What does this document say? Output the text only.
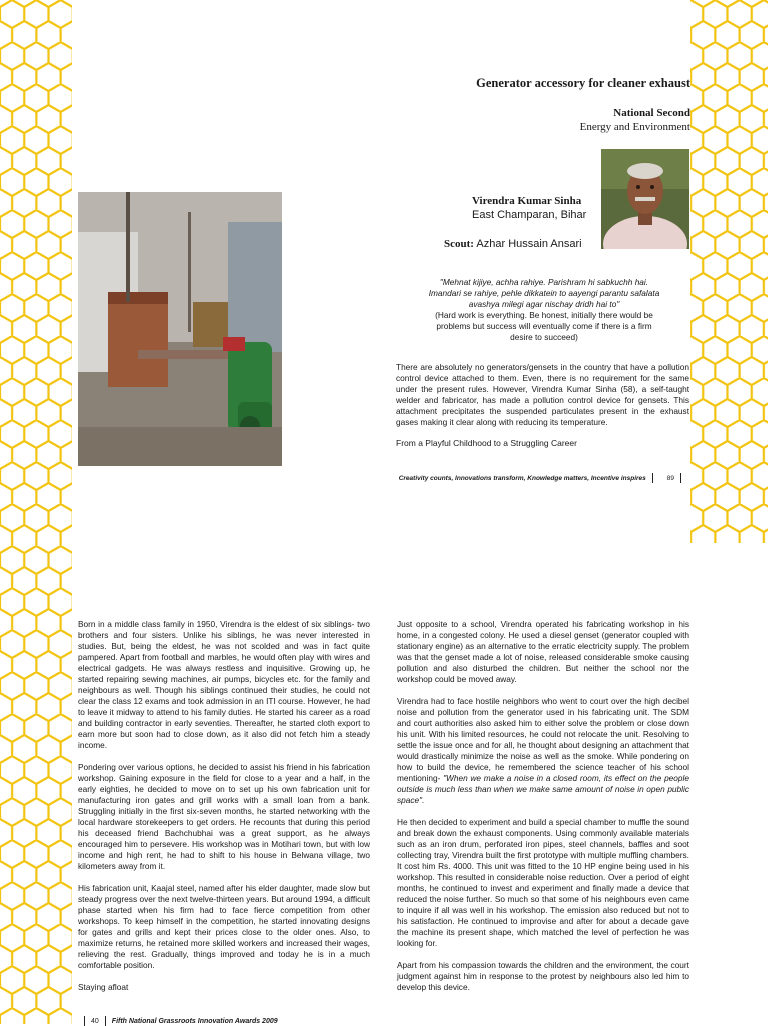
Generator accessory for cleaner exhaust
National Second
Energy and Environment
Virendra Kumar Sinha
East Champaran, Bihar
Scout: Azhar Hussain Ansari
"Mehnat kijiye, achha rahiye. Parishram hi sabkuchh hai. Imandari se rahiye, pehle dikkatein to aayengi parantu safalata avashya milegi agar nischay dridh hai to"
(Hard work is everything. Be honest, initially there would be problems but success will eventually come if there is a firm desire to succeed)
There are absolutely no generators/gensets in the country that have a pollution control device attached to them. Even, there is no requirement for the same under the present rules. However, Virendra Kumar Sinha (58), a self-taught welder and fabricator, has made a pollution control device for gensets. This attachment precipitates the suspended particulates present in the exhaust gases making it clear along with reducing its temperature.
From a Playful Childhood to a Struggling Career
Creativity counts, Innovations transform, Knowledge matters, Incentive inspires	89

Born in a middle class family in 1950, Virendra is the eldest of six siblings- two brothers and four sisters. Unlike his siblings, he was never interested in studies. But, being the eldest, he was not scolded and was in fact quite pampered. Apart from football and marbles, he would often play with wires and electrical gadgets. He was always restless and inquisitive. Growing up, he started repairing sewing machines, air pumps, bicycles etc. for the family and neighbours as well. Though his siblings continued their studies, he could not clear the class 12 exams and took admission in an ITI course. However, he had to leave it midway to attend to his family duties. He started his career as a road and building contractor in early seventies. Thereafter, he started cloth export to earn more but soon had to close down, as it also did not fetch him a steady income.

Pondering over various options, he decided to assist his friend in his fabrication workshop. Gaining exposure in the field for close to a year and a half, in the early eighties, he decided to move on to set up his own fabrication unit for manufacturing iron gates and grill works with a small loan from a bank. Struggling initially in the first six-seven months, he started networking with the local hardware storekeepers to get orders. He recounts that during this period his deceased friend Bachchubhai was a great support, as he always encouraged him to persevere. His workshop was in Motihari town, but with low income and high rent, he had to shift to his house in Belwana village, two kilometers away from it.

His fabrication unit, Kaajal steel, named after his elder daughter, made slow but steady progress over the next twelve-thirteen years. But around 1994, a difficult phase started when his firm had to face fierce competition from other workshops. To keep himself in the competition, he started innovating designs for gates and grills and kept their prices close to the older ones. Also, to maximize returns, he retained more skilled workers and increased their wages, relieving the rest. Gradually, things improved and today he is in a much comfortable position.

Staying afloat

Just opposite to a school, Virendra operated his fabricating workshop in his home, in a congested colony. He used a diesel genset (generator coupled with stationary engine) as an alternative to the erratic electricity supply. The problem was that the genset made a lot of noise, released considerable smoke causing pollution and also disturbed the children. But neither the school nor the workshop could be moved away.

Virendra had to face hostile neighbors who went to court over the high decibel noise and pollution from the generator used in his fabricating unit. The SDM and court authorities also asked him to either solve the problem or close down his unit. With his limited resources, he could not relocate the unit. Resolving to settle the issue once and for all, he thought about designing an attachment that would drastically minimize the noise as well as the smoke. While pondering on how to build the device, he remembered the science teacher of his school mentioning- "When we make a noise in a closed room, its effect on the people outside is much less than when we make same amount of noise in open public space".

He then decided to experiment and build a special chamber to muffle the sound and break down the exhaust components. Using commonly available materials such as an iron drum, perforated iron pipes, steel channels, baffles and soot collecting tray, Virendra built the first prototype with multiple muffling chambers. It cost him Rs. 4000. This unit was fitted to the 10 HP engine being used in his workshop. This resulted in considerable noise reduction. Over a period of eight months, he continued to invest and experiment and finally made a device that reduced the noise further. So much so that some of his neighbours even came to inquire if all was well in his workshop. The emission also reduced but not to his satisfaction. He continued to improvise and after for about a decade gave the machine its present shape, which matched the level of perfection he was looking for.

Apart from his compassion towards the children and the environment, the court judgment against him in response to the protest by neighbours also led him to develop this device.

40 Fifth National Grassroots Innovation Awards 2009
